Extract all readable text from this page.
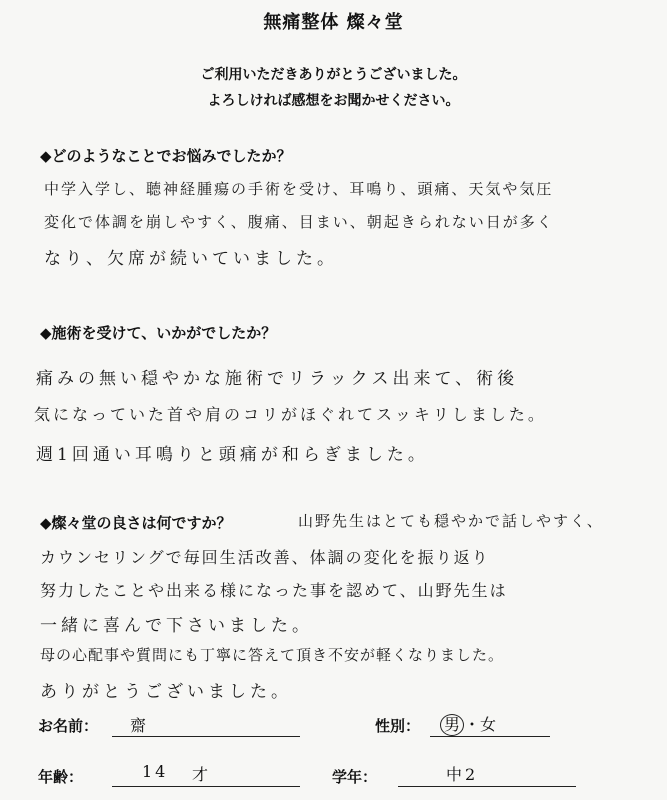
無痛整体 燦々堂
ご利用いただきありがとうございました。
よろしければ感想をお聞かせください。
◆どのようなことでお悩みでしたか？
中学入学し、聴神経腫瘍の手術を受け、耳鳴り、頭痛、天気や気圧
変化で体調を崩しやすく、腹痛、目まい、朝起きられない日が多く
なり、欠席が続いていました。
◆施術を受けて、いかがでしたか？
痛みの無い穏やかな施術でリラックス出来て、術後
気になっていた首や肩のコリがほぐれてスッキリしました。
週1回通い耳鳴りと頭痛が和らぎました。
◆燦々堂の良さは何ですか？	山野先生はとても穏やかで話しやすく、
カウンセリングで毎回生活改善、体調の変化を振り返り
努力したことや出来る様になった事を認めて、山野先生は
一緒に喜んで下さいました。
母の心配事や質問にも丁寧に答えて頂き不安が軽くなりました。
ありがとうございました。
お名前： 齋	性別： 男 ・女
年齢：	14 才	学年：	中2
